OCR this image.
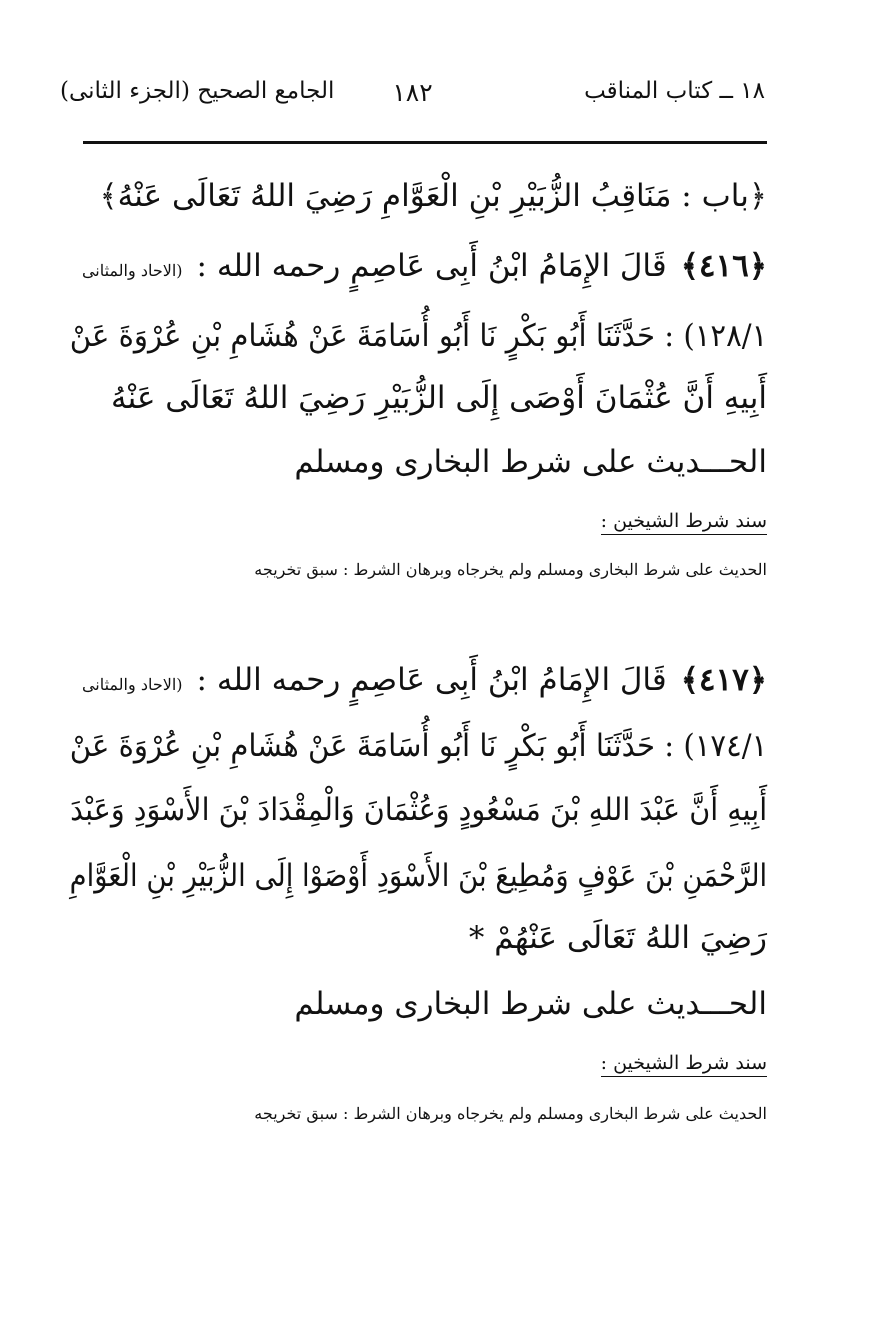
١٨ ــ كتاب المناقب
١٨٢
الجامع الصحيح (الجزء الثانى)
﴿باب : مَنَاقِبُ الزُّبَيْرِ بْنِ الْعَوَّامِ رَضِيَ اللهُ تَعَالَى عَنْهُ﴾
﴿٤١٦﴾
قَالَ الإِمَامُ ابْنُ أَبِى عَاصِمٍ رحمه الله :
(الاحاد والمثانى
١٢٨/١) : حَدَّثَنَا أَبُو بَكْرٍ نَا أَبُو أُسَامَةَ عَنْ هُشَامِ بْنِ عُرْوَةَ عَنْ
أَبِيهِ أَنَّ عُثْمَانَ أَوْصَى إِلَى الزُّبَيْرِ رَضِيَ اللهُ تَعَالَى عَنْهُ
الحـــديث على شرط البخارى ومسلم
سند شرط الشيخين :
الحديث على شرط البخارى ومسلم ولم يخرجاه وبرهان الشرط : سبق تخريجه
﴿٤١٧﴾
قَالَ الإِمَامُ ابْنُ أَبِى عَاصِمٍ رحمه الله :
(الاحاد والمثانى
١٧٤/١) : حَدَّثَنَا أَبُو بَكْرٍ نَا أَبُو أُسَامَةَ عَنْ هُشَامِ بْنِ عُرْوَةَ عَنْ
أَبِيهِ أَنَّ عَبْدَ اللهِ بْنَ مَسْعُودٍ وَعُثْمَانَ وَالْمِقْدَادَ بْنَ الأَسْوَدِ وَعَبْدَ
الرَّحْمَنِ بْنَ عَوْفٍ وَمُطِيعَ بْنَ الأَسْوَدِ أَوْصَوْا إِلَى الزُّبَيْرِ بْنِ الْعَوَّامِ
رَضِيَ اللهُ تَعَالَى عَنْهُمْ *
الحـــديث على شرط البخارى ومسلم
سند شرط الشيخين :
الحديث على شرط البخارى ومسلم ولم يخرجاه وبرهان الشرط : سبق تخريجه
